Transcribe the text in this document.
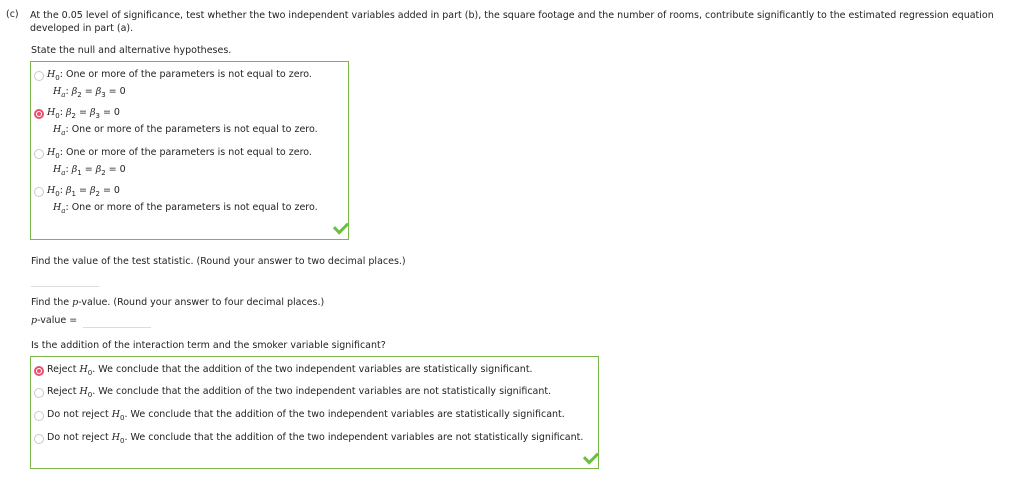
(c) At the 0.05 level of significance, test whether the two independent variables added in part (b), the square footage and the number of rooms, contribute significantly to the estimated regression equation developed in part (a).
State the null and alternative hypotheses.
$H_0$: One or more of the parameters is not equal to zero.
$H_a$: $\beta_2 = \beta_3 = 0$
$H_0$: $\beta_2 = \beta_3 = 0$
$H_a$: One or more of the parameters is not equal to zero.
$H_0$: One or more of the parameters is not equal to zero.
$H_a$: $\beta_1 = \beta_2 = 0$
$H_0$: $\beta_1 = \beta_2 = 0$
$H_a$: One or more of the parameters is not equal to zero.
Find the value of the test statistic. (Round your answer to two decimal places.)
Find the p-value. (Round your answer to four decimal places.)
p-value =
Is the addition of the interaction term and the smoker variable significant?
Reject $H_0$. We conclude that the addition of the two independent variables are statistically significant.
Reject $H_0$. We conclude that the addition of the two independent variables are not statistically significant.
Do not reject $H_0$. We conclude that the addition of the two independent variables are statistically significant.
Do not reject $H_0$. We conclude that the addition of the two independent variables are not statistically significant.
